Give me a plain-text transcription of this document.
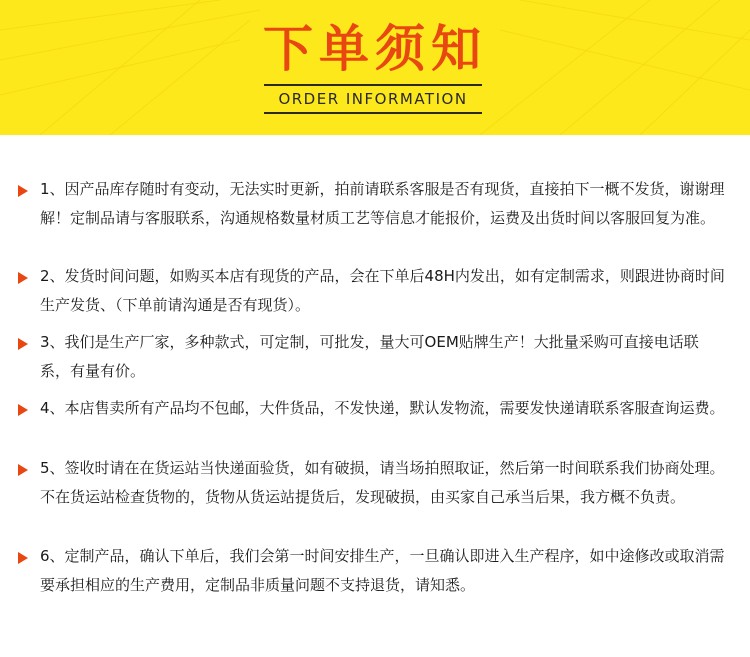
下单须知
ORDER INFORMATION
1、因产品库存随时有变动，无法实时更新，拍前请联系客服是否有现货，直接拍下一概不发货，谢谢理解！定制品请与客服联系，沟通规格数量材质工艺等信息才能报价，运费及出货时间以客服回复为准。
2、发货时间问题，如购买本店有现货的产品，会在下单后48H内发出，如有定制需求，则跟进协商时间生产发货、（下单前请沟通是否有现货）。
3、我们是生产厂家，多种款式，可定制，可批发，量大可OEM贴牌生产！大批量采购可直接电话联系，有量有价。
4、本店售卖所有产品均不包邮，大件货品，不发快递，默认发物流，需要发快递请联系客服查询运费。
5、签收时请在在货运站当快递面验货，如有破损，请当场拍照取证，然后第一时间联系我们协商处理。不在货运站检查货物的，货物从货运站提货后，发现破损，由买家自己承当后果，我方概不负责。
6、定制产品，确认下单后，我们会第一时间安排生产，一旦确认即进入生产程序，如中途修改或取消需要承担相应的生产费用，定制品非质量问题不支持退货，请知悉。
